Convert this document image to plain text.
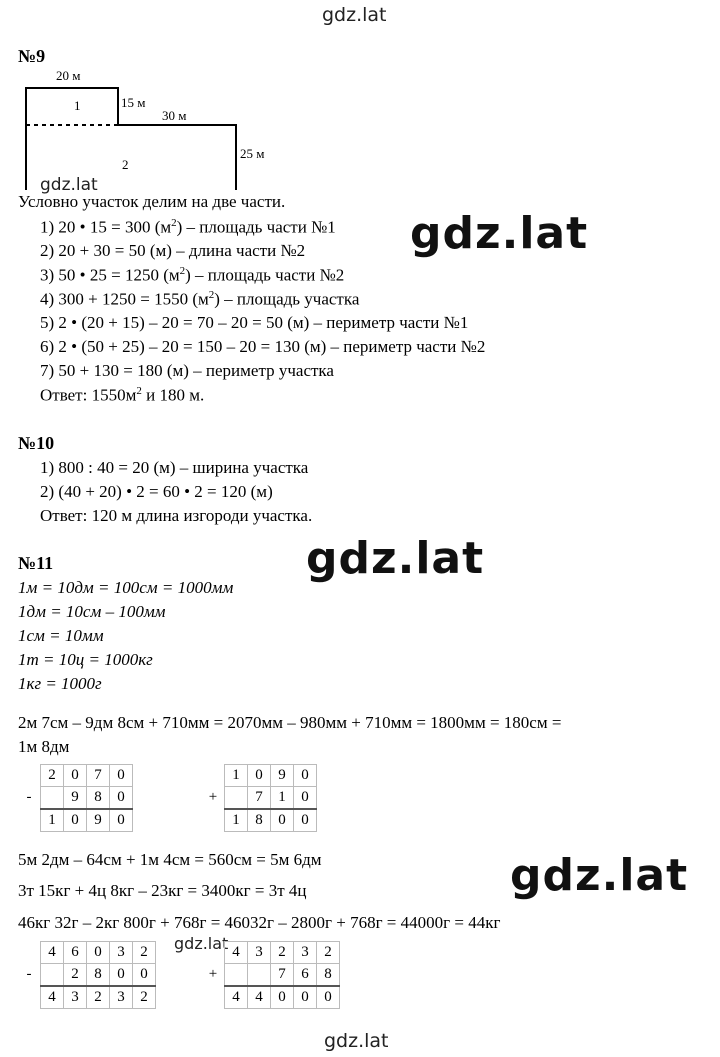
gdz.lat
gdz.lat
gdz.lat
gdz.lat
gdz.lat
gdz.lat
gdz.lat
№9
20 м
15 м
30 м
25 м
1
2
Условно участок делим на две части.
1) 20 • 15 = 300 $(м^2)$ – площадь части №1
2) 20 + 30 = 50 (м) – длина части №2
3) 50 • 25 = 1250 $(м^2)$ – площадь части №2
4) 300 + 1250 = 1550 $(м^2)$ – площадь участка
5) 2 • (20 + 15) – 20 = 70 – 20 = 50 (м) – периметр части №1
6) 2 • (50 + 25) – 20 = 150 – 20 = 130 (м) – периметр части №2
7) 50 + 130 = 180 (м) – периметр участка
Ответ: $1550м^2$ и 180 м.
№10
1) 800 : 40 = 20 (м) – ширина участка
2) (40 + 20) • 2 = 60 • 2 = 120 (м)
Ответ: 120 м длина изгороди участка.
№11
1м = 10дм = 100см = 1000мм
1дм = 10см – 100мм
1см = 10мм
1т = 10ц = 1000кг
1кг = 1000г
2м 7см – 9дм 8см + 710мм = 2070мм – 980мм + 710мм = 1800мм = 180см =
1м 8дм
	2	0	7	0
-		9	8	0
	1	0	9	0
	1	0	9	0
+		7	1	0
	1	8	0	0
5м 2дм – 64см + 1м 4см = 560см = 5м 6дм
3т 15кг + 4ц 8кг – 23кг = 3400кг = 3т 4ц
46кг 32г – 2кг 800г + 768г = 46032г – 2800г + 768г = 44000г = 44кг
	4	6	0	3	2
-		2	8	0	0
	4	3	2	3	2
	4	3	2	3	2
+			7	6	8
	4	4	0	0	0
